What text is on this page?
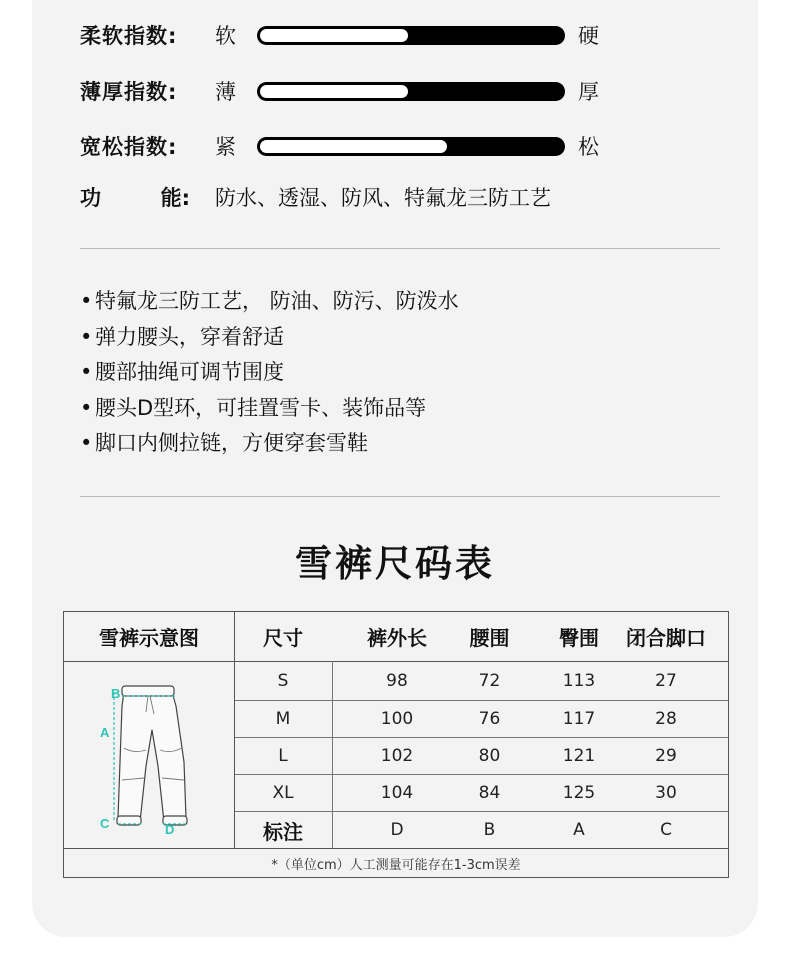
柔软指数:	软	硬
薄厚指数:	薄	厚
宽松指数:	紧	松
功	能: 防水、透湿、防风、特氟龙三防工艺
• 特氟龙三防工艺， 防油、防污、防泼水
• 弹力腰头，穿着舒适
• 腰部抽绳可调节围度
• 腰头D型环，可挂置雪卡、装饰品等
• 脚口内侧拉链，方便穿套雪鞋
雪裤尺码表
雪裤示意图	尺寸	裤外长	腰围	臀围	闭合脚口
S	98	72	113	27
M	100	76	117	28
L	102	80	121	29
XL	104	84	125	30
标注	D	B	A	C
B
A
C	D
*（单位cm）人工测量可能存在1-3cm误差
